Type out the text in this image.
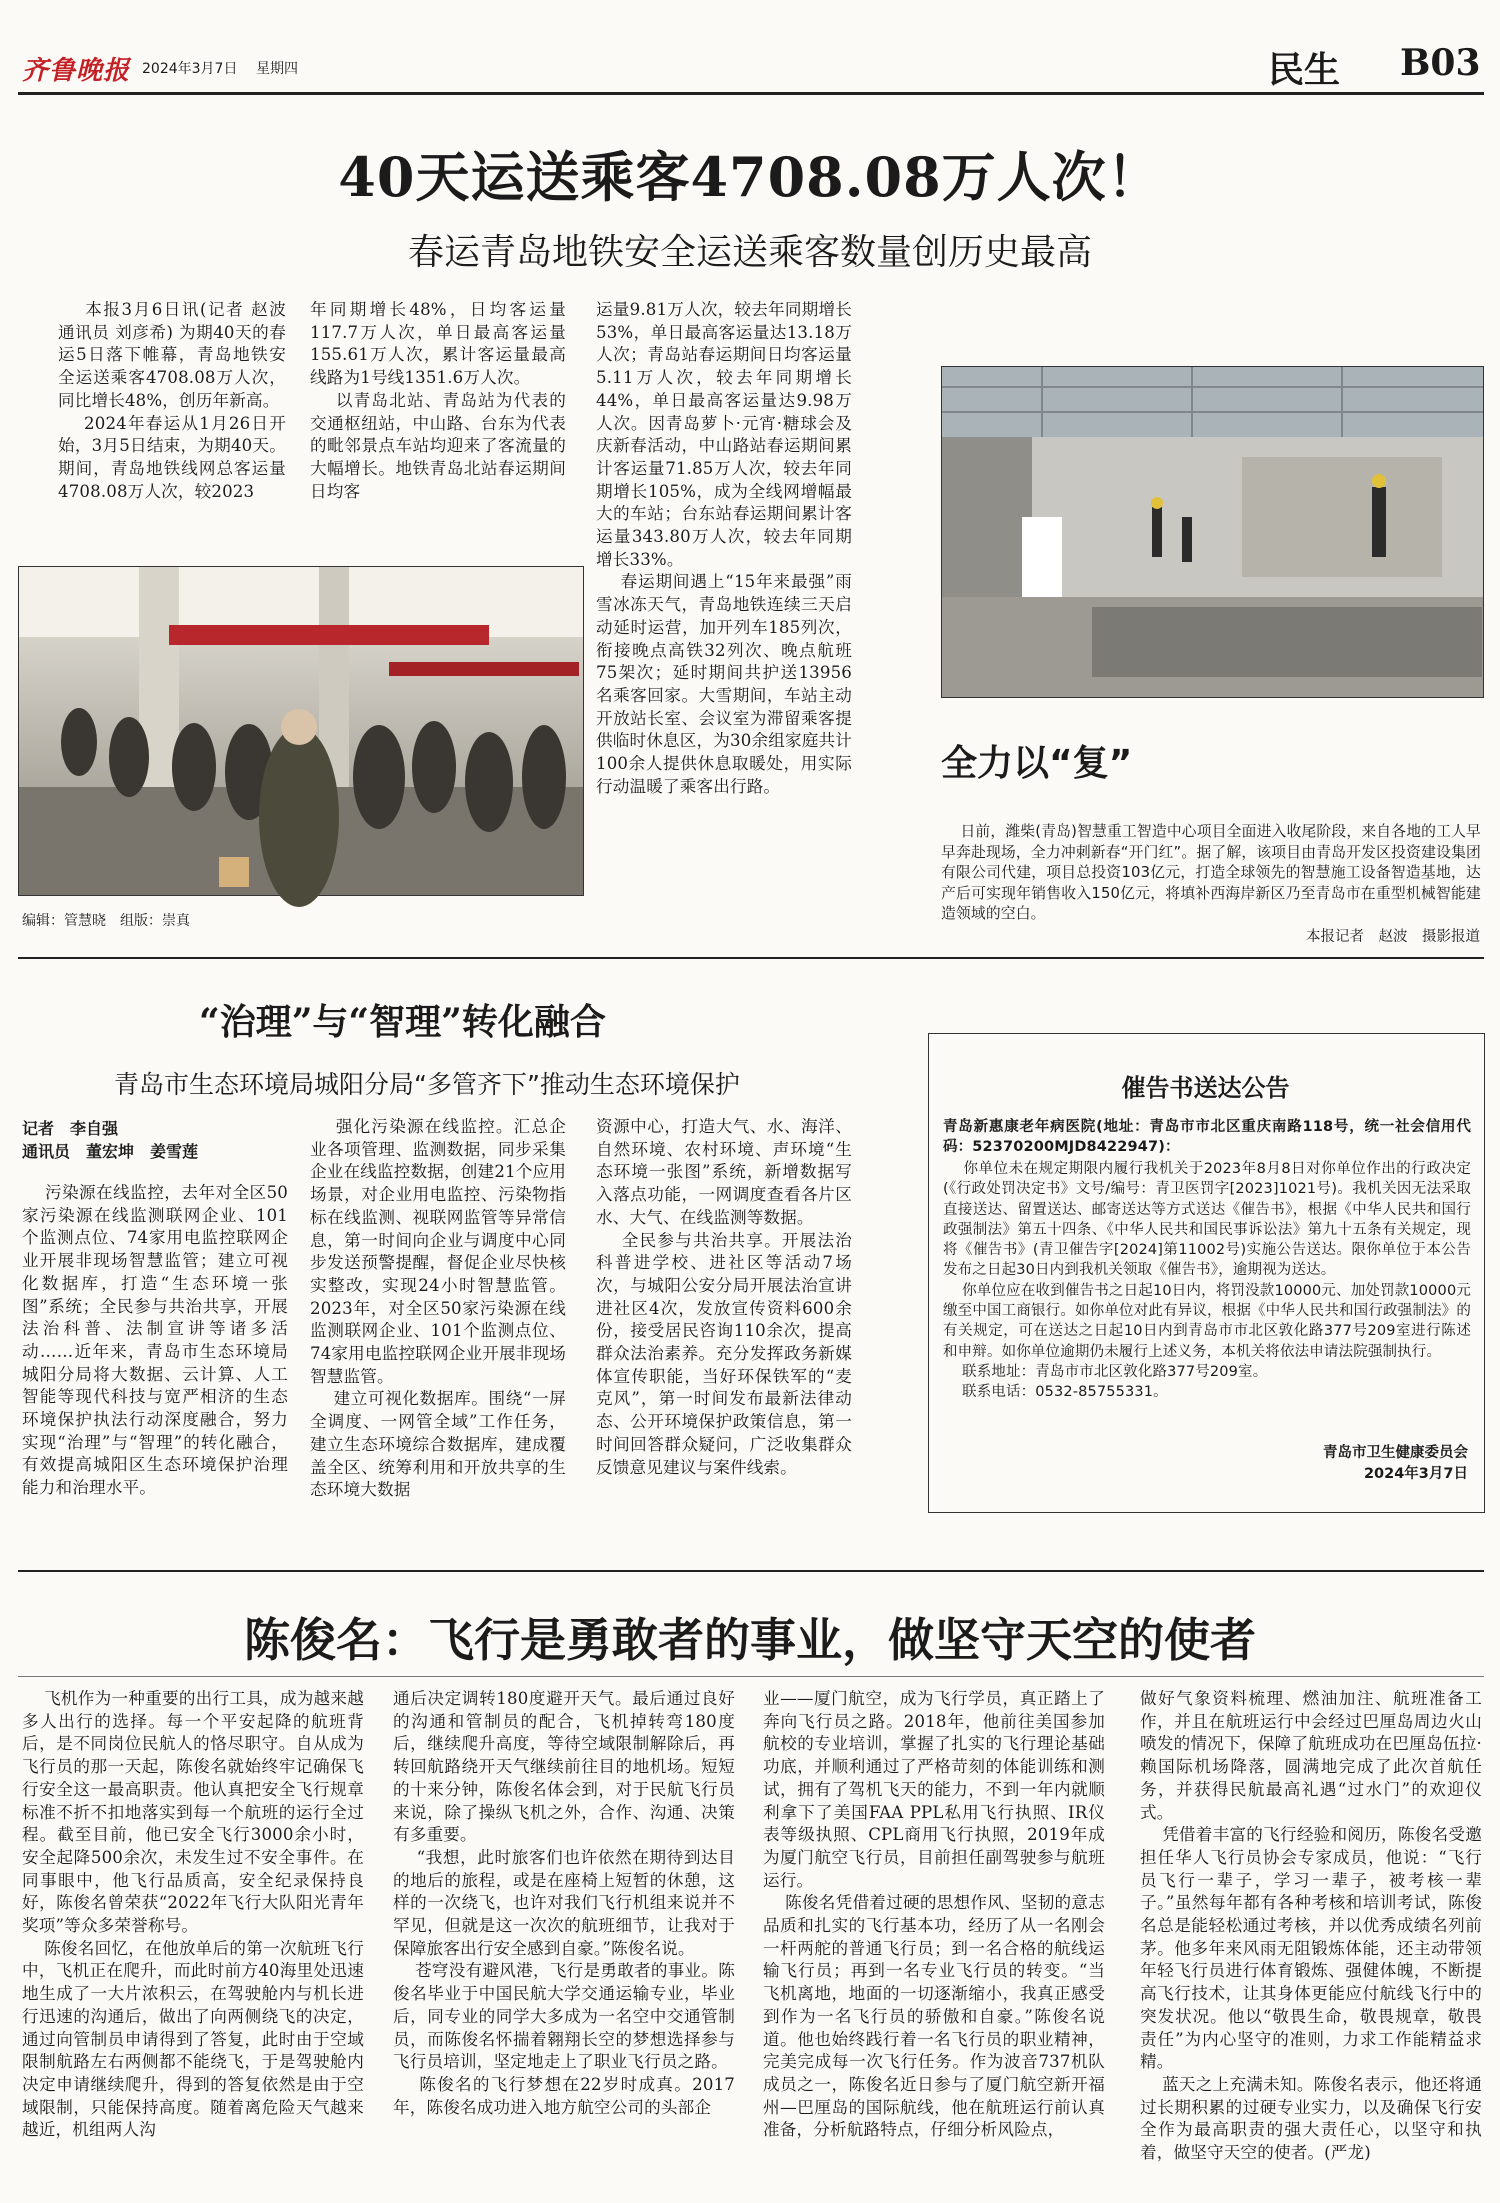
齐鲁晚报 2024年3月7日 星期四	民生 B03
40天运送乘客4708.08万人次！
春运青岛地铁安全运送乘客数量创历史最高
本报3月6日讯(记者 赵波 通讯员 刘彦希) 为期40天的春运5日落下帷幕，青岛地铁安全运送乘客4708.08万人次，同比增长48%，创历年新高。
2024年春运从1月26日开始，3月5日结束，为期40天。期间，青岛地铁线网总客运量4708.08万人次，较2023
年同期增长48%，日均客运量117.7万人次，单日最高客运量155.61万人次，累计客运量最高线路为1号线1351.6万人次。
以青岛北站、青岛站为代表的交通枢纽站，中山路、台东为代表的毗邻景点车站均迎来了客流量的大幅增长。地铁青岛北站春运期间日均客
运量9.81万人次，较去年同期增长53%，单日最高客运量达13.18万人次；青岛站春运期间日均客运量5.11万人次，较去年同期增长44%，单日最高客运量达9.98万人次。因青岛萝卜·元宵·糖球会及庆新春活动，中山路站春运期间累计客运量71.85万人次，较去年同期增长105%，成为全线网增幅最大的车站；台东站春运期间累计客运量343.80万人次，较去年同期增长33%。
春运期间遇上“15年来最强”雨雪冰冻天气，青岛地铁连续三天启动延时运营，加开列车185列次，衔接晚点高铁32列次、晚点航班75架次；延时期间共护送13956名乘客回家。大雪期间，车站主动开放站长室、会议室为滞留乘客提供临时休息区，为30余组家庭共计100余人提供休息取暖处，用实际行动温暖了乘客出行路。
编辑：管慧晓　组版：崇真
全力以“复”
日前，潍柴(青岛)智慧重工智造中心项目全面进入收尾阶段，来自各地的工人早早奔赴现场，全力冲刺新春“开门红”。据了解，该项目由青岛开发区投资建设集团有限公司代建，项目总投资103亿元，打造全球领先的智慧施工设备智造基地，达产后可实现年销售收入150亿元，将填补西海岸新区乃至青岛市在重型机械智能建造领域的空白。
本报记者　赵波　摄影报道
“治理”与“智理”转化融合
青岛市生态环境局城阳分局“多管齐下”推动生态环境保护
记者　李自强
通讯员　董宏坤　姜雪莲
污染源在线监控，去年对全区50家污染源在线监测联网企业、101个监测点位、74家用电监控联网企业开展非现场智慧监管；建立可视化数据库，打造“生态环境一张图”系统；全民参与共治共享，开展法治科普、法制宣讲等诸多活动……近年来，青岛市生态环境局城阳分局将大数据、云计算、人工智能等现代科技与宽严相济的生态环境保护执法行动深度融合，努力实现“治理”与“智理”的转化融合，有效提高城阳区生态环境保护治理能力和治理水平。
强化污染源在线监控。汇总企业各项管理、监测数据，同步采集企业在线监控数据，创建21个应用场景，对企业用电监控、污染物指标在线监测、视联网监管等异常信息，第一时间向企业与调度中心同步发送预警提醒，督促企业尽快核实整改，实现24小时智慧监管。2023年，对全区50家污染源在线监测联网企业、101个监测点位、74家用电监控联网企业开展非现场智慧监管。
建立可视化数据库。围绕“一屏全调度、一网管全域”工作任务，建立生态环境综合数据库，建成覆盖全区、统筹利用和开放共享的生态环境大数据
资源中心，打造大气、水、海洋、自然环境、农村环境、声环境“生态环境一张图”系统，新增数据写入落点功能，一网调度查看各片区水、大气、在线监测等数据。
全民参与共治共享。开展法治科普进学校、进社区等活动7场次，与城阳公安分局开展法治宣讲进社区4次，发放宣传资料600余份，接受居民咨询110余次，提高群众法治素养。充分发挥政务新媒体宣传职能，当好环保铁军的“麦克风”，第一时间发布最新法律动态、公开环境保护政策信息，第一时间回答群众疑问，广泛收集群众反馈意见建议与案件线索。
催告书送达公告
青岛新惠康老年病医院(地址：青岛市市北区重庆南路118号，统一社会信用代码：52370200MJD8422947)：
你单位未在规定期限内履行我机关于2023年8月8日对你单位作出的行政决定(《行政处罚决定书》文号/编号：青卫医罚字[2023]1021号)。我机关因无法采取直接送达、留置送达、邮寄送达等方式送达《催告书》，根据《中华人民共和国行政强制法》第五十四条、《中华人民共和国民事诉讼法》第九十五条有关规定，现将《催告书》(青卫催告字[2024]第11002号)实施公告送达。限你单位于本公告发布之日起30日内到我机关领取《催告书》，逾期视为送达。
你单位应在收到催告书之日起10日内，将罚没款10000元、加处罚款10000元缴至中国工商银行。如你单位对此有异议，根据《中华人民共和国行政强制法》的有关规定，可在送达之日起10日内到青岛市市北区敦化路377号209室进行陈述和申辩。如你单位逾期仍未履行上述义务，本机关将依法申请法院强制执行。
联系地址：青岛市市北区敦化路377号209室。
联系电话：0532-85755331。
青岛市卫生健康委员会
2024年3月7日
陈俊名：飞行是勇敢者的事业，做坚守天空的使者
飞机作为一种重要的出行工具，成为越来越多人出行的选择。每一个平安起降的航班背后，是不同岗位民航人的恪尽职守。自从成为飞行员的那一天起，陈俊名就始终牢记确保飞行安全这一最高职责。他认真把安全飞行规章标准不折不扣地落实到每一个航班的运行全过程。截至目前，他已安全飞行3000余小时，安全起降500余次，未发生过不安全事件。在同事眼中，他飞行品质高，安全纪录保持良好，陈俊名曾荣获“2022年飞行大队阳光青年奖项”等众多荣誉称号。
陈俊名回忆，在他放单后的第一次航班飞行中，飞机正在爬升，而此时前方40海里处迅速地生成了一大片浓积云，在驾驶舱内与机长进行迅速的沟通后，做出了向两侧绕飞的决定，通过向管制员申请得到了答复，此时由于空域限制航路左右两侧都不能绕飞，于是驾驶舱内决定申请继续爬升，得到的答复依然是由于空域限制，只能保持高度。随着离危险天气越来越近，机组两人沟
通后决定调转180度避开天气。最后通过良好的沟通和管制员的配合，飞机掉转弯180度后，继续爬升高度，等待空域限制解除后，再转回航路绕开天气继续前往目的地机场。短短的十来分钟，陈俊名体会到，对于民航飞行员来说，除了操纵飞机之外，合作、沟通、决策有多重要。
“我想，此时旅客们也许依然在期待到达目的地后的旅程，或是在座椅上短暂的休憩，这样的一次绕飞，也许对我们飞行机组来说并不罕见，但就是这一次次的航班细节，让我对于保障旅客出行安全感到自豪。”陈俊名说。
苍穹没有避风港，飞行是勇敢者的事业。陈俊名毕业于中国民航大学交通运输专业，毕业后，同专业的同学大多成为一名空中交通管制员，而陈俊名怀揣着翱翔长空的梦想选择参与飞行员培训，坚定地走上了职业飞行员之路。
陈俊名的飞行梦想在22岁时成真。2017年，陈俊名成功进入地方航空公司的头部企
业——厦门航空，成为飞行学员，真正踏上了奔向飞行员之路。2018年，他前往美国参加航校的专业培训，掌握了扎实的飞行理论基础功底，并顺利通过了严格苛刻的体能训练和测试，拥有了驾机飞天的能力，不到一年内就顺利拿下了美国FAA PPL私用飞行执照、IR仪表等级执照、CPL商用飞行执照，2019年成为厦门航空飞行员，目前担任副驾驶参与航班运行。
陈俊名凭借着过硬的思想作风、坚韧的意志品质和扎实的飞行基本功，经历了从一名刚会一杆两舵的普通飞行员；到一名合格的航线运输飞行员；再到一名专业飞行员的转变。“当飞机离地，地面的一切逐渐缩小，我真正感受到作为一名飞行员的骄傲和自豪。”陈俊名说道。他也始终践行着一名飞行员的职业精神，完美完成每一次飞行任务。作为波音737机队成员之一，陈俊名近日参与了厦门航空新开福州—巴厘岛的国际航线，他在航班运行前认真准备，分析航路特点，仔细分析风险点，
做好气象资料梳理、燃油加注、航班准备工作，并且在航班运行中会经过巴厘岛周边火山喷发的情况下，保障了航班成功在巴厘岛伍拉·赖国际机场降落，圆满地完成了此次首航任务，并获得民航最高礼遇“过水门”的欢迎仪式。
凭借着丰富的飞行经验和阅历，陈俊名受邀担任华人飞行员协会专家成员，他说：“飞行员飞行一辈子，学习一辈子，被考核一辈子。”虽然每年都有各种考核和培训考试，陈俊名总是能轻松通过考核，并以优秀成绩名列前茅。他多年来风雨无阻锻炼体能，还主动带领年轻飞行员进行体育锻炼、强健体魄，不断提高飞行技术，让其身体更能应付航线飞行中的突发状况。他以“敬畏生命，敬畏规章，敬畏责任”为内心坚守的准则，力求工作能精益求精。
蓝天之上充满未知。陈俊名表示，他还将通过长期积累的过硬专业实力，以及确保飞行安全作为最高职责的强大责任心，以坚守和执着，做坚守天空的使者。(严龙)
